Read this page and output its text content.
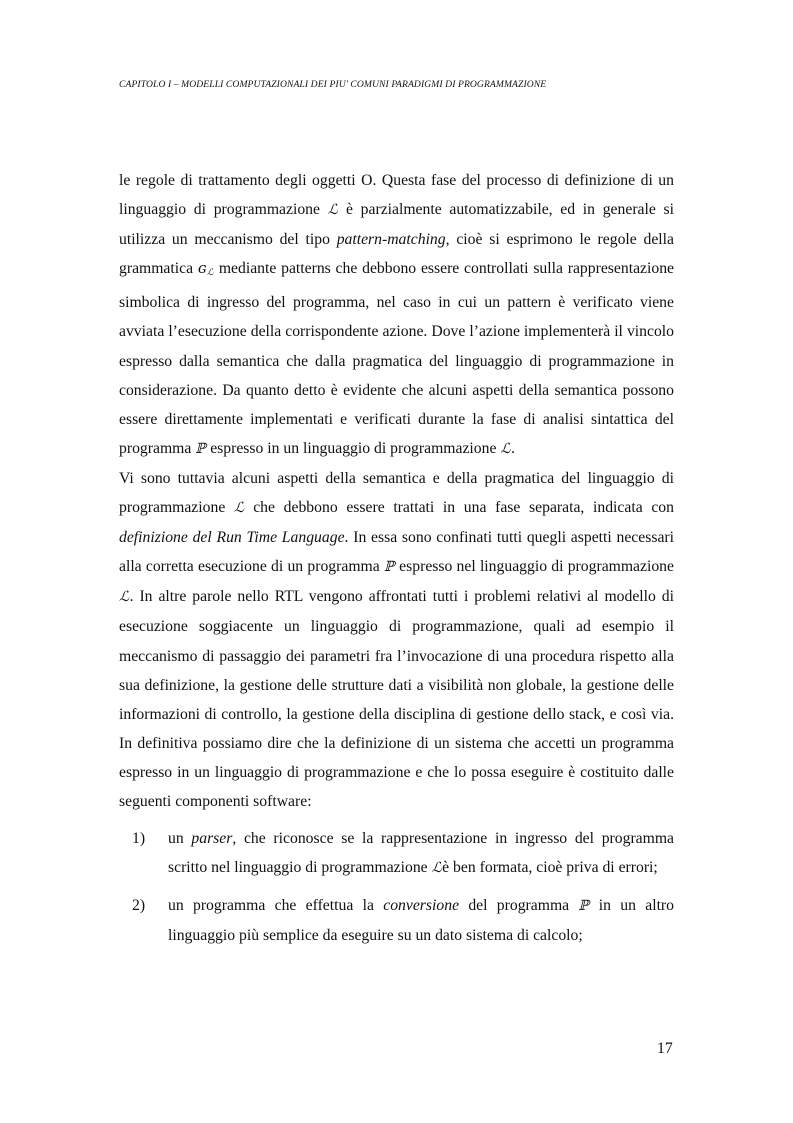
CAPITOLO I – MODELLI COMPUTAZIONALI DEI PIU' COMUNI PARADIGMI DI PROGRAMMAZIONE

le regole di trattamento degli oggetti O. Questa fase del processo di definizione di un linguaggio di programmazione ℒ è parzialmente automatizzabile, ed in generale si utilizza un meccanismo del tipo pattern-matching, cioè si esprimono le regole della grammatica ɢ$_ℒ$ mediante patterns che debbono essere controllati sulla rappresentazione simbolica di ingresso del programma, nel caso in cui un pattern è verificato viene avviata l’esecuzione della corrispondente azione. Dove l’azione implementerà il vincolo espresso dalla semantica che dalla pragmatica del linguaggio di programmazione in considerazione. Da quanto detto è evidente che alcuni aspetti della semantica possono essere direttamente implementati e verificati durante la fase di analisi sintattica del programma ℙ espresso in un linguaggio di programmazione ℒ.

Vi sono tuttavia alcuni aspetti della semantica e della pragmatica del linguaggio di programmazione ℒ che debbono essere trattati in una fase separata, indicata con definizione del Run Time Language. In essa sono confinati tutti quegli aspetti necessari alla corretta esecuzione di un programma ℙ espresso nel linguaggio di programmazione ℒ. In altre parole nello RTL vengono affrontati tutti i problemi relativi al modello di esecuzione soggiacente un linguaggio di programmazione, quali ad esempio il meccanismo di passaggio dei parametri fra l’invocazione di una procedura rispetto alla sua definizione, la gestione delle strutture dati a visibilità non globale, la gestione delle informazioni di controllo, la gestione della disciplina di gestione dello stack, e così via. In definitiva possiamo dire che la definizione di un sistema che accetti un programma espresso in un linguaggio di programmazione e che lo possa eseguire è costituito dalle seguenti componenti software:

1) un parser, che riconosce se la rappresentazione in ingresso del programma scritto nel linguaggio di programmazione ℒè ben formata, cioè priva di errori;
2) un programma che effettua la conversione del programma ℙ in un altro linguaggio più semplice da eseguire su un dato sistema di calcolo;
17
